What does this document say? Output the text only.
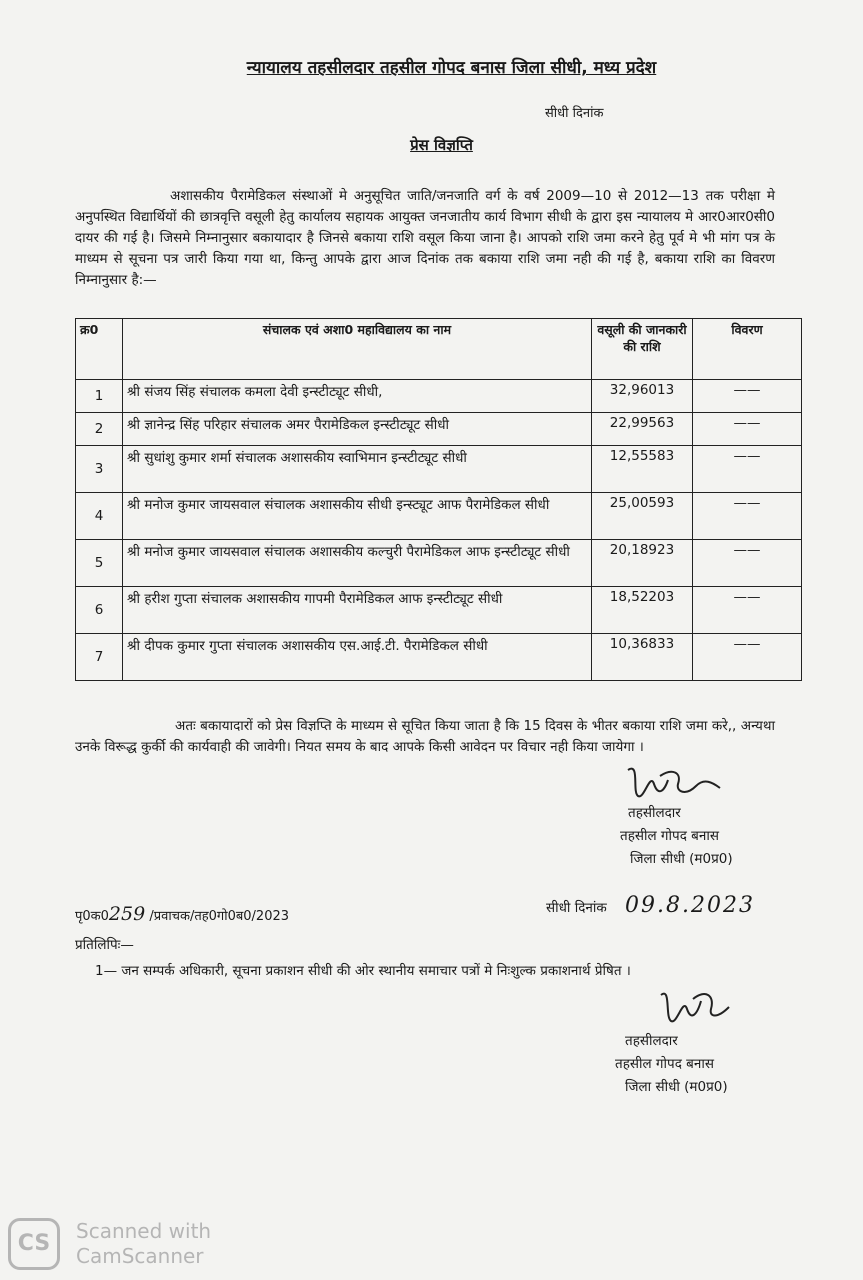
न्यायालय तहसीलदार तहसील गोपद बनास जिला सीधी, मध्य प्रदेश
सीधी दिनांक
प्रेस विज्ञप्ति
अशासकीय पैरामेडिकल संस्थाओं मे अनुसूचित जाति/जनजाति वर्ग के वर्ष 2009—10 से 2012—13 तक परीक्षा मे अनुपस्थित विद्यार्थियों की छात्रवृत्ति वसूली हेतु कार्यालय सहायक आयुक्त जनजातीय कार्य विभाग सीधी के द्वारा इस न्यायालय मे आर0आर0सी0 दायर की गई है। जिसमे निम्नानुसार बकायादार है जिनसे बकाया राशि वसूल किया जाना है। आपको राशि जमा करने हेतु पूर्व मे भी मांग पत्र के माध्यम से सूचना पत्र जारी किया गया था, किन्तु आपके द्वारा आज दिनांक तक बकाया राशि जमा नही की गई है, बकाया राशि का विवरण निम्नानुसार है:—
क्र0	संचालक एवं अशा0 महाविद्यालय का नाम	वसूली की जानकारी की राशि	विवरण
1	श्री संजय सिंह संचालक कमला देवी इन्स्टीट्यूट सीधी,	32,96013	——
2	श्री ज्ञानेन्द्र सिंह परिहार संचालक अमर पैरामेडिकल इन्स्टीट्यूट सीधी	22,99563	——
3	श्री सुधांशु कुमार शर्मा संचालक अशासकीय स्वाभिमान इन्स्टीट्यूट सीधी	12,55583	——
4	श्री मनोज कुमार जायसवाल संचालक अशासकीय सीधी इन्स्ट्यूट आफ पैरामेडिकल सीधी	25,00593	——
5	श्री मनोज कुमार जायसवाल संचालक अशासकीय कल्चुरी पैरामेडिकल आफ इन्स्टीट्यूट सीधी	20,18923	——
6	श्री हरीश गुप्ता संचालक अशासकीय गापमी पैरामेडिकल आफ इन्स्टीट्यूट सीधी	18,52203	——
7	श्री दीपक कुमार गुप्ता संचालक अशासकीय एस.आई.टी. पैरामेडिकल सीधी	10,36833	——
अतः बकायादारों को प्रेस विज्ञप्ति के माध्यम से सूचित किया जाता है कि 15 दिवस के भीतर बकाया राशि जमा करे,, अन्यथा उनके विरूद्ध कुर्की की कार्यवाही की जावेगी। नियत समय के बाद आपके किसी आवेदन पर विचार नही किया जायेगा ।
तहसीलदार
तहसील गोपद बनास
जिला सीधी (म0प्र0)
पृ0क0259 /प्रवाचक/तह0गो0ब0/2023
सीधी दिनांक 09.8.2023
प्रतिलिपिः—
1— जन सम्पर्क अधिकारी, सूचना प्रकाशन सीधी की ओर स्थानीय समाचार पत्रों मे निःशुल्क प्रकाशनार्थ प्रेषित ।
तहसीलदार
तहसील गोपद बनास
जिला सीधी (म0प्र0)
CS	Scanned with
CamScanner
